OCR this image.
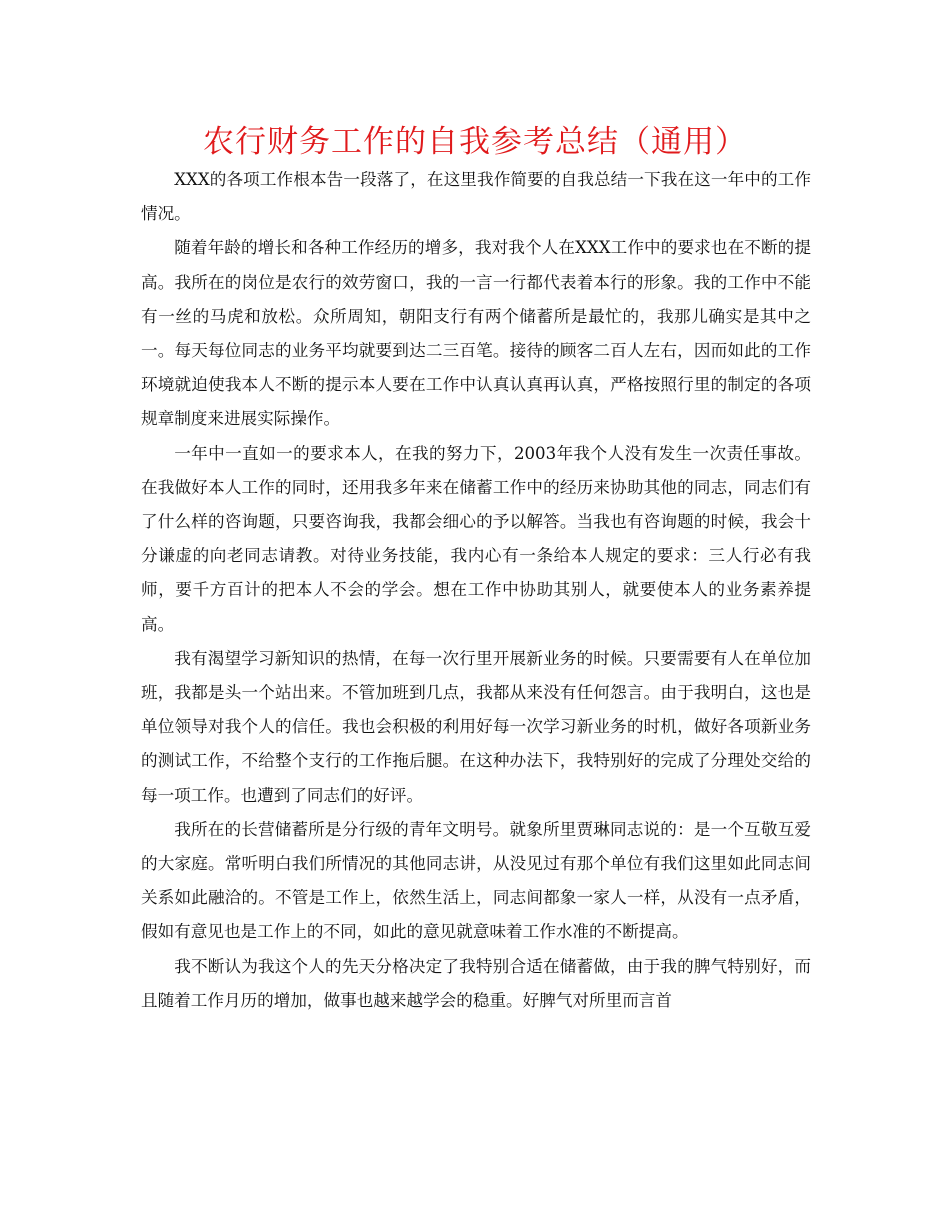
农行财务工作的自我参考总结（通用）

XXX的各项工作根本告一段落了，在这里我作简要的自我总结一下我在这一年中的工作情况。

随着年龄的增长和各种工作经历的增多，我对我个人在XXX工作中的要求也在不断的提高。我所在的岗位是农行的效劳窗口，我的一言一行都代表着本行的形象。我的工作中不能有一丝的马虎和放松。众所周知，朝阳支行有两个储蓄所是最忙的，我那儿确实是其中之一。每天每位同志的业务平均就要到达二三百笔。接待的顾客二百人左右，因而如此的工作环境就迫使我本人不断的提示本人要在工作中认真认真再认真，严格按照行里的制定的各项规章制度来进展实际操作。

一年中一直如一的要求本人，在我的努力下，2003年我个人没有发生一次责任事故。在我做好本人工作的同时，还用我多年来在储蓄工作中的经历来协助其他的同志，同志们有了什么样的咨询题，只要咨询我，我都会细心的予以解答。当我也有咨询题的时候，我会十分谦虚的向老同志请教。对待业务技能，我内心有一条给本人规定的要求：三人行必有我师，要千方百计的把本人不会的学会。想在工作中协助其别人，就要使本人的业务素养提高。

我有渴望学习新知识的热情，在每一次行里开展新业务的时候。只要需要有人在单位加班，我都是头一个站出来。不管加班到几点，我都从来没有任何怨言。由于我明白，这也是单位领导对我个人的信任。我也会积极的利用好每一次学习新业务的时机，做好各项新业务的测试工作，不给整个支行的工作拖后腿。在这种办法下，我特别好的完成了分理处交给的每一项工作。也遭到了同志们的好评。

我所在的长营储蓄所是分行级的青年文明号。就象所里贾琳同志说的：是一个互敬互爱的大家庭。常听明白我们所情况的其他同志讲，从没见过有那个单位有我们这里如此同志间关系如此融洽的。不管是工作上，依然生活上，同志间都象一家人一样，从没有一点矛盾，假如有意见也是工作上的不同，如此的意见就意味着工作水准的不断提高。

我不断认为我这个人的先天分格决定了我特别合适在储蓄做，由于我的脾气特别好，而且随着工作月历的增加，做事也越来越学会的稳重。好脾气对所里而言首
